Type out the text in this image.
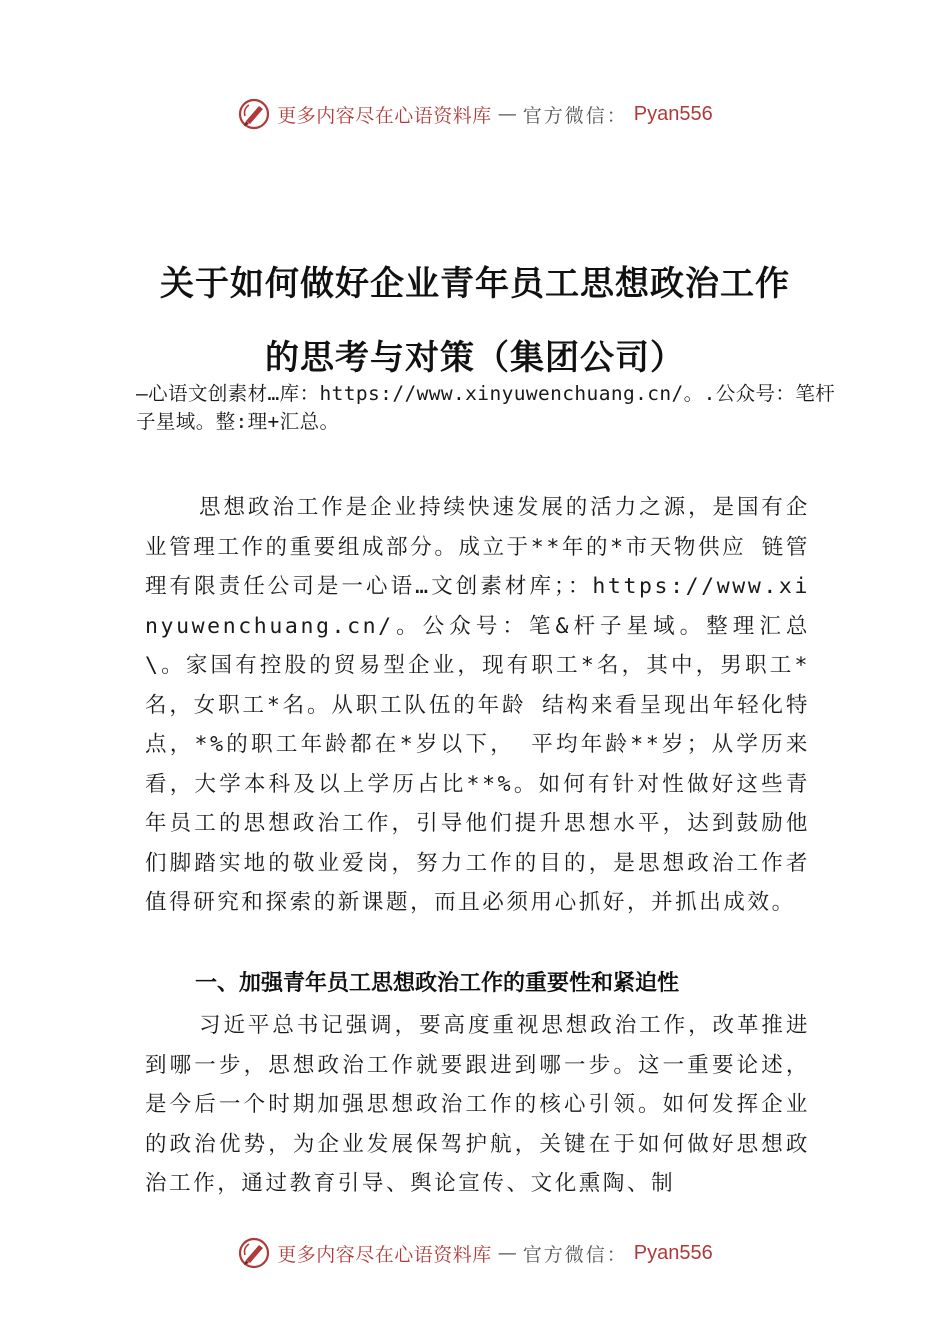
更多内容尽在心语资料库 — 官方微信： Pyan556
关于如何做好企业青年员工思想政治工作
的思考与对策（集团公司）
—心语文创素材…库：https://www.xinyuwenchuang.cn/。.公众号：笔杆子星域。整:理+汇总。
思想政治工作是企业持续快速发展的活力之源，是国有企业管理工作的重要组成部分。成立于**年的*市天物供应 链管理有限责任公司是一心语…文创素材库；：https://www.xinyuwenchuang.cn/。公众号：笔&杆子星域。整理汇总\。家国有控股的贸易型企业，现有职工*名，其中，男职工*名，女职工*名。从职工队伍的年龄 结构来看呈现出年轻化特点，*%的职工年龄都在*岁以下， 平均年龄**岁；从学历来看，大学本科及以上学历占比**%。如何有针对性做好这些青年员工的思想政治工作，引导他们提升思想水平，达到鼓励他们脚踏实地的敬业爱岗，努力工作的目的，是思想政治工作者值得研究和探索的新课题，而且必须用心抓好，并抓出成效。
一、加强青年员工思想政治工作的重要性和紧迫性
习近平总书记强调，要高度重视思想政治工作，改革推进到哪一步，思想政治工作就要跟进到哪一步。这一重要论述，是今后一个时期加强思想政治工作的核心引领。如何发挥企业的政治优势，为企业发展保驾护航，关键在于如何做好思想政治工作，通过教育引导、舆论宣传、文化熏陶、制
更多内容尽在心语资料库 — 官方微信： Pyan556
